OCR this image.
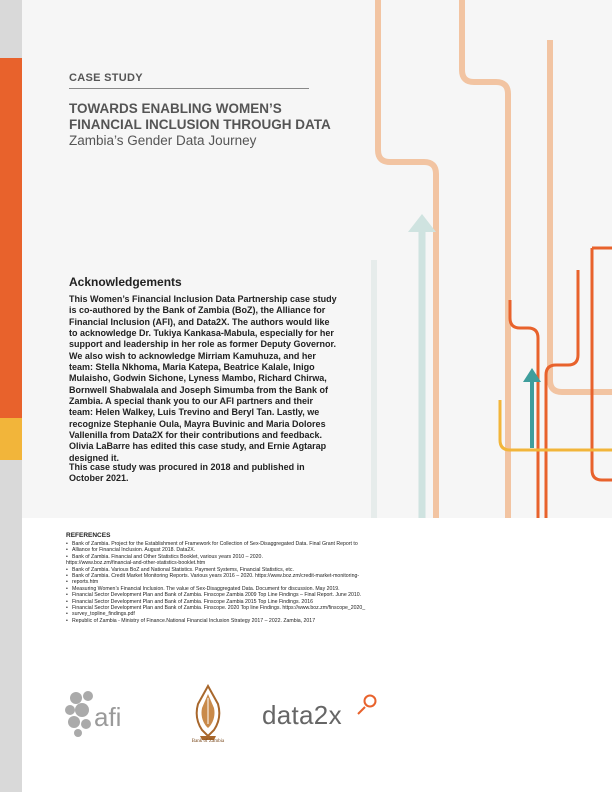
CASE STUDY
TOWARDS ENABLING WOMEN’S FINANCIAL INCLUSION THROUGH DATA
Zambia’s Gender Data Journey
Acknowledgements

This Women’s Financial Inclusion Data Partnership case study is co-authored by the Bank of Zambia (BoZ), the Alliance for Financial Inclusion (AFI), and Data2X. The authors would like to acknowledge Dr. Tukiya Kankasa-Mabula, especially for her support and leadership in her role as former Deputy Governor. We also wish to acknowledge Mirriam Kamuhuza, and her team: Stella Nkhoma, Maria Katepa, Beatrice Kalale, Inigo Mulaisho, Godwin Sichone, Lyness Mambo, Richard Chirwa, Bornwell Shabwalala and Joseph Simumba from the Bank of Zambia. A special thank you to our AFI partners and their team: Helen Walkey, Luis Trevino and Beryl Tan. Lastly, we recognize Stephanie Oula, Mayra Buvinic and Maria Dolores Vallenilla from Data2X for their contributions and feedback. Olivia LaBarre has edited this case study, and Ernie Agtarap designed it.

This case study was procured in 2018 and published in October 2021.

REFERENCES
• Bank of Zambia. Project for the Establishment of Framework for Collection of Sex-Disaggregated Data. Final Grant Report to
• Alliance for Financial Inclusion. August 2018. Data2X.
• Bank of Zambia. Financial and Other Statistics Booklet, various years 2010 – 2020.
https://www.boz.zm/financial-and-other-statistics-booklet.htm
• Bank of Zambia. Various BoZ and National Statistics. Payment Systems, Financial Statistics, etc.
• Bank of Zambia. Credit Market Monitoring Reports. Various years 2016 – 2020. https://www.boz.zm/credit-market-monitoring-
• reports.htm
• Measuring Women’s Financial Inclusion. The value of Sex-Disaggregated Data. Document for discussion. May 2019.
• Financial Sector Development Plan and Bank of Zambia. Finscope Zambia 2009 Top Line Findings – Final Report. June 2010.
• Financial Sector Development Plan and Bank of Zambia. Finscope Zambia 2015 Top Line Findings. 2016
• Financial Sector Development Plan and Bank of Zambia. Finscope. 2020 Top line Findings. https://www.boz.zm/finscope_2020_
• survey_topline_findings.pdf
• Republic of Zambia - Ministry of Finance.National Financial Inclusion Strategy 2017 – 2022. Zambia, 2017
afi
Bank of Zambia
data2x
